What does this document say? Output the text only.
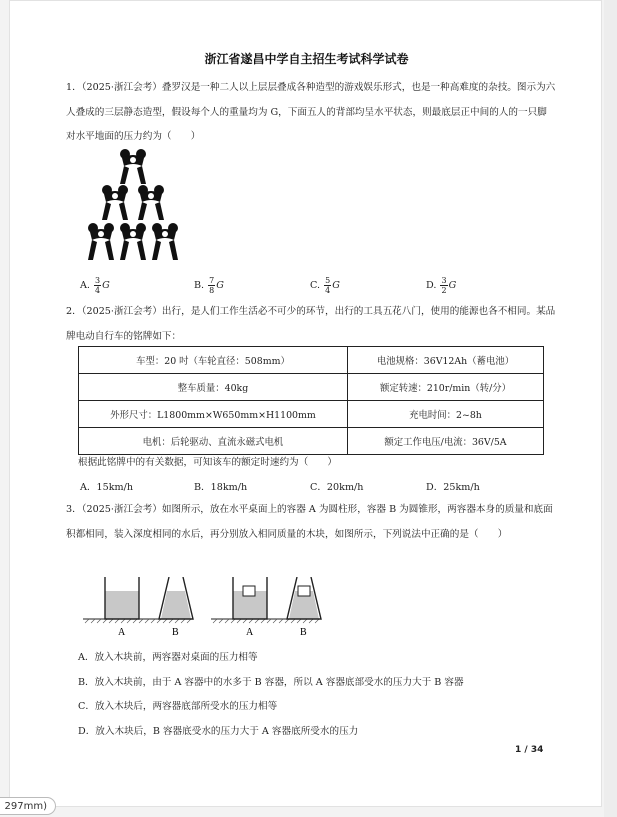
浙江省遂昌中学自主招生考试科学试卷

1．（2025·浙江会考）叠罗汉是一种二人以上层层叠成各种造型的游戏娱乐形式，也是一种高难度的杂技。图示为六人叠成的三层静态造型，假设每个人的重量均为 G，下面五人的背部均呈水平状态，则最底层正中间的人的一只脚对水平地面的压力约为（　　）

A. $\frac{3}{4}$ G	B. $\frac{7}{8}$ G	C. $\frac{5}{4}$ G	D. $\frac{3}{2}$ G

2．（2025·浙江会考）出行，是人们工作生活必不可少的环节，出行的工具五花八门，使用的能源也各不相同。某品牌电动自行车的铭牌如下：

车型：20 吋（车轮直径：508mm）	电池规格：36V12Ah（蓄电池）
整车质量：40kg	额定转速：210r/min（转/分）
外形尺寸：L1800mm×W650mm×H1100mm	充电时间：2~8h
电机：后轮驱动、直流永磁式电机	额定工作电压/电流：36V/5A

根据此铭牌中的有关数据，可知该车的额定时速约为（　　）

A．15km/h	B．18km/h	C．20km/h	D．25km/h

3．（2025·浙江会考）如图所示，放在水平桌面上的容器 A 为圆柱形，容器 B 为圆锥形，两容器本身的质量和底面积都相同，装入深度相同的水后，再分别放入相同质量的木块，如图所示，下列说法中正确的是（　　）

A	B	A	B

A．放入木块前，两容器对桌面的压力相等

B．放入木块前，由于 A 容器中的水多于 B 容器，所以 A 容器底部受水的压力大于 B 容器

C．放入木块后，两容器底部所受水的压力相等

D．放入木块后，B 容器底受水的压力大于 A 容器底所受水的压力

1 / 34
297mm)
